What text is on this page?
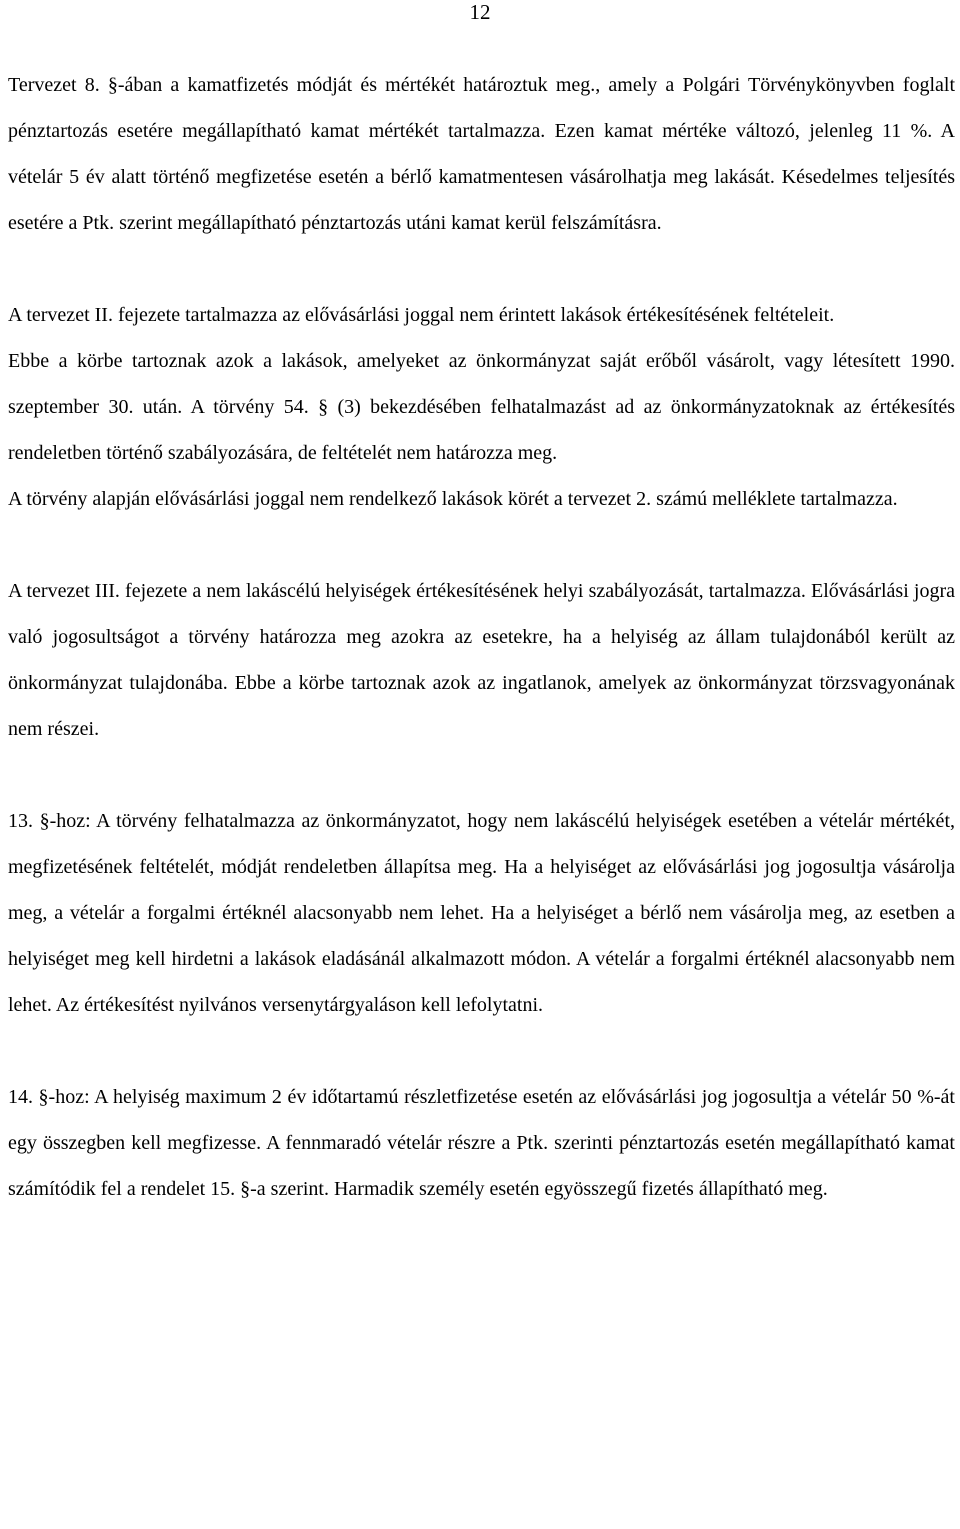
12

Tervezet 8. §-ában a kamatfizetés módját és mértékét határoztuk meg., amely a Polgári Törvénykönyvben foglalt pénztartozás esetére megállapítható kamat mértékét tartalmazza. Ezen kamat mértéke változó, jelenleg 11 %. A vételár 5 év alatt történő megfizetése esetén a bérlő kamatmentesen vásárolhatja meg lakását. Késedelmes teljesítés esetére a Ptk. szerint megállapítható pénztartozás utáni kamat kerül felszámításra.

A tervezet II. fejezete tartalmazza az elővásárlási joggal nem érintett lakások értékesítésének feltételeit.

Ebbe a körbe tartoznak azok a lakások, amelyeket az önkormányzat saját erőből vásárolt, vagy létesített 1990. szeptember 30. után. A törvény 54. § (3) bekezdésében felhatalmazást ad az önkormányzatoknak az értékesítés rendeletben történő szabályozására, de feltételét nem határozza meg.

A törvény alapján elővásárlási joggal nem rendelkező lakások körét a tervezet 2. számú melléklete tartalmazza.

A tervezet III. fejezete a nem lakáscélú helyiségek értékesítésének helyi szabályozását, tartalmazza. Elővásárlási jogra való jogosultságot a törvény határozza meg azokra az esetekre, ha a helyiség az állam tulajdonából került az önkormányzat tulajdonába. Ebbe a körbe tartoznak azok az ingatlanok, amelyek az önkormányzat törzsvagyonának nem részei.

13. §-hoz: A törvény felhatalmazza az önkormányzatot, hogy nem lakáscélú helyiségek esetében a vételár mértékét, megfizetésének feltételét, módját rendeletben állapítsa meg. Ha a helyiséget az elővásárlási jog jogosultja vásárolja meg, a vételár a forgalmi értéknél alacsonyabb nem lehet. Ha a helyiséget a bérlő nem vásárolja meg, az esetben a helyiséget meg kell hirdetni a lakások eladásánál alkalmazott módon. A vételár a forgalmi értéknél alacsonyabb nem lehet. Az értékesítést nyilvános versenytárgyaláson kell lefolytatni.

14. §-hoz: A helyiség maximum 2 év időtartamú részletfizetése esetén az elővásárlási jog jogosultja a vételár 50 %-át egy összegben kell megfizesse. A fennmaradó vételár részre a Ptk. szerinti pénztartozás esetén megállapítható kamat számítódik fel a rendelet 15. §-a szerint. Harmadik személy esetén egyösszegű fizetés állapítható meg.
